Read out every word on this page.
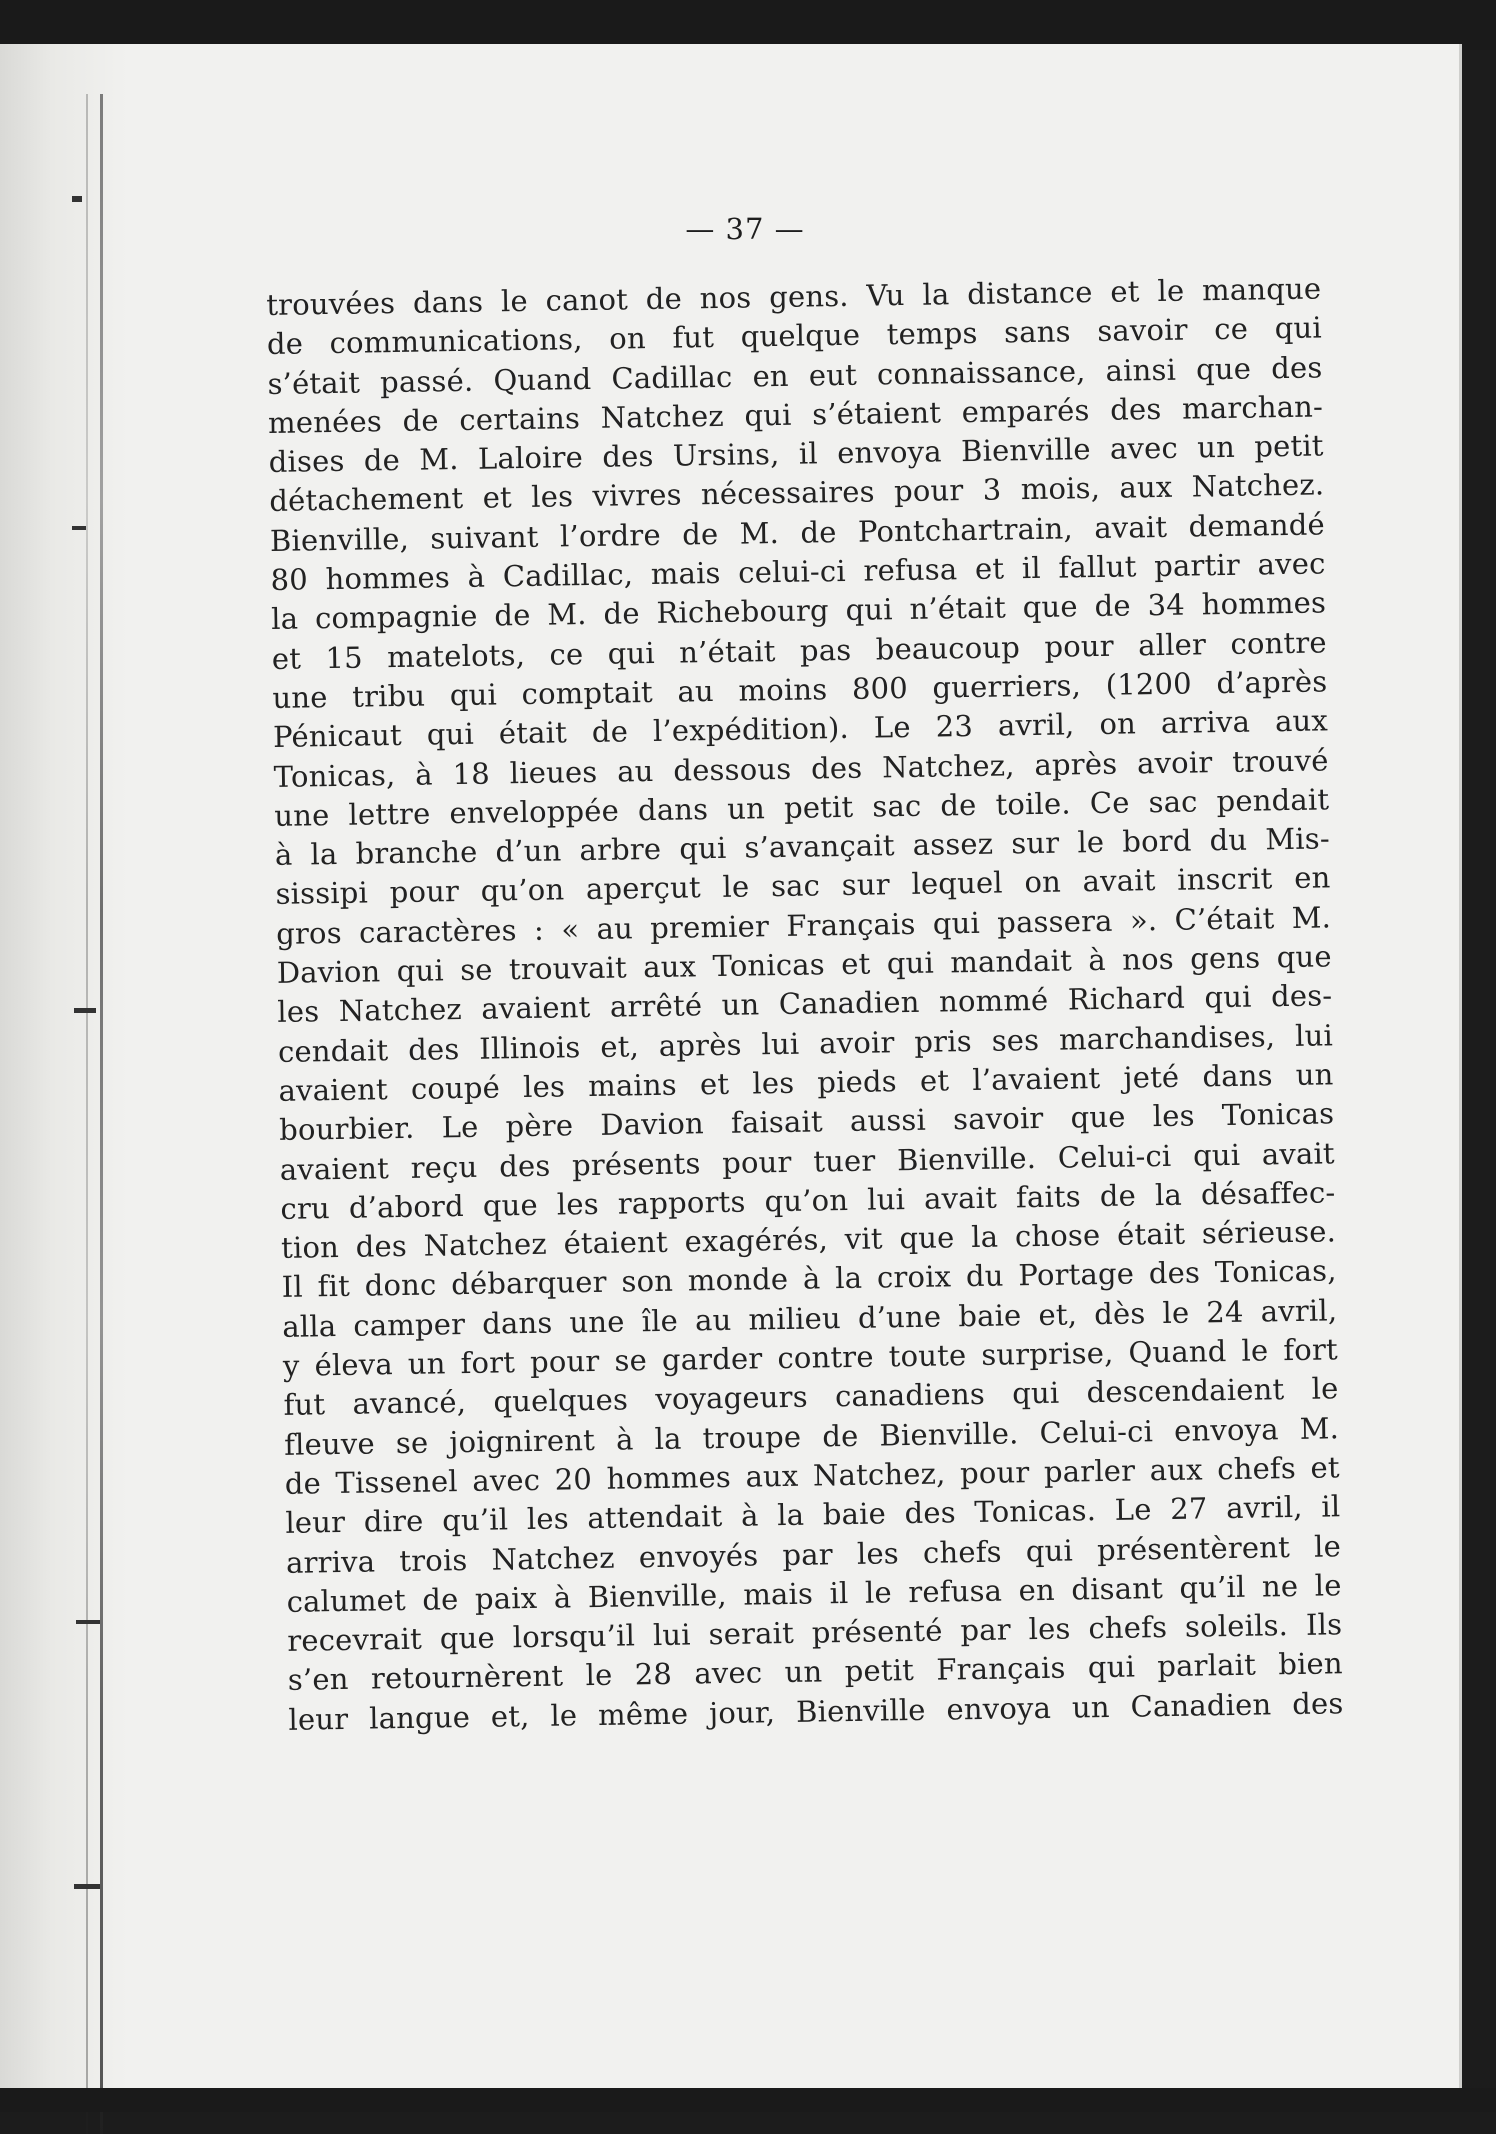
— 37 —
trouvées dans le canot de nos gens. Vu la distance et le manque
de communications, on fut quelque temps sans savoir ce qui
s’était passé. Quand Cadillac en eut connaissance, ainsi que des
menées de certains Natchez qui s’étaient emparés des marchan-
dises de M. Laloire des Ursins, il envoya Bienville avec un petit
détachement et les vivres nécessaires pour 3 mois, aux Natchez.
Bienville, suivant l’ordre de M. de Pontchartrain, avait demandé
80 hommes à Cadillac, mais celui-ci refusa et il fallut partir avec
la compagnie de M. de Richebourg qui n’était que de 34 hommes
et 15 matelots, ce qui n’était pas beaucoup pour aller contre
une tribu qui comptait au moins 800 guerriers, (1200 d’après
Pénicaut qui était de l’expédition). Le 23 avril, on arriva aux
Tonicas, à 18 lieues au dessous des Natchez, après avoir trouvé
une lettre enveloppée dans un petit sac de toile. Ce sac pendait
à la branche d’un arbre qui s’avançait assez sur le bord du Mis-
sissipi pour qu’on aperçut le sac sur lequel on avait inscrit en
gros caractères : « au premier Français qui passera ». C’était M.
Davion qui se trouvait aux Tonicas et qui mandait à nos gens que
les Natchez avaient arrêté un Canadien nommé Richard qui des-
cendait des Illinois et, après lui avoir pris ses marchandises, lui
avaient coupé les mains et les pieds et l’avaient jeté dans un
bourbier. Le père Davion faisait aussi savoir que les Tonicas
avaient reçu des présents pour tuer Bienville. Celui-ci qui avait
cru d’abord que les rapports qu’on lui avait faits de la désaffec-
tion des Natchez étaient exagérés, vit que la chose était sérieuse.
Il fit donc débarquer son monde à la croix du Portage des Tonicas,
alla camper dans une île au milieu d’une baie et, dès le 24 avril,
y éleva un fort pour se garder contre toute surprise, Quand le fort
fut avancé, quelques voyageurs canadiens qui descendaient le
fleuve se joignirent à la troupe de Bienville. Celui-ci envoya M.
de Tissenel avec 20 hommes aux Natchez, pour parler aux chefs et
leur dire qu’il les attendait à la baie des Tonicas. Le 27 avril, il
arriva trois Natchez envoyés par les chefs qui présentèrent le
calumet de paix à Bienville, mais il le refusa en disant qu’il ne le
recevrait que lorsqu’il lui serait présenté par les chefs soleils. Ils
s’en retournèrent le 28 avec un petit Français qui parlait bien
leur langue et, le même jour, Bienville envoya un Canadien des
